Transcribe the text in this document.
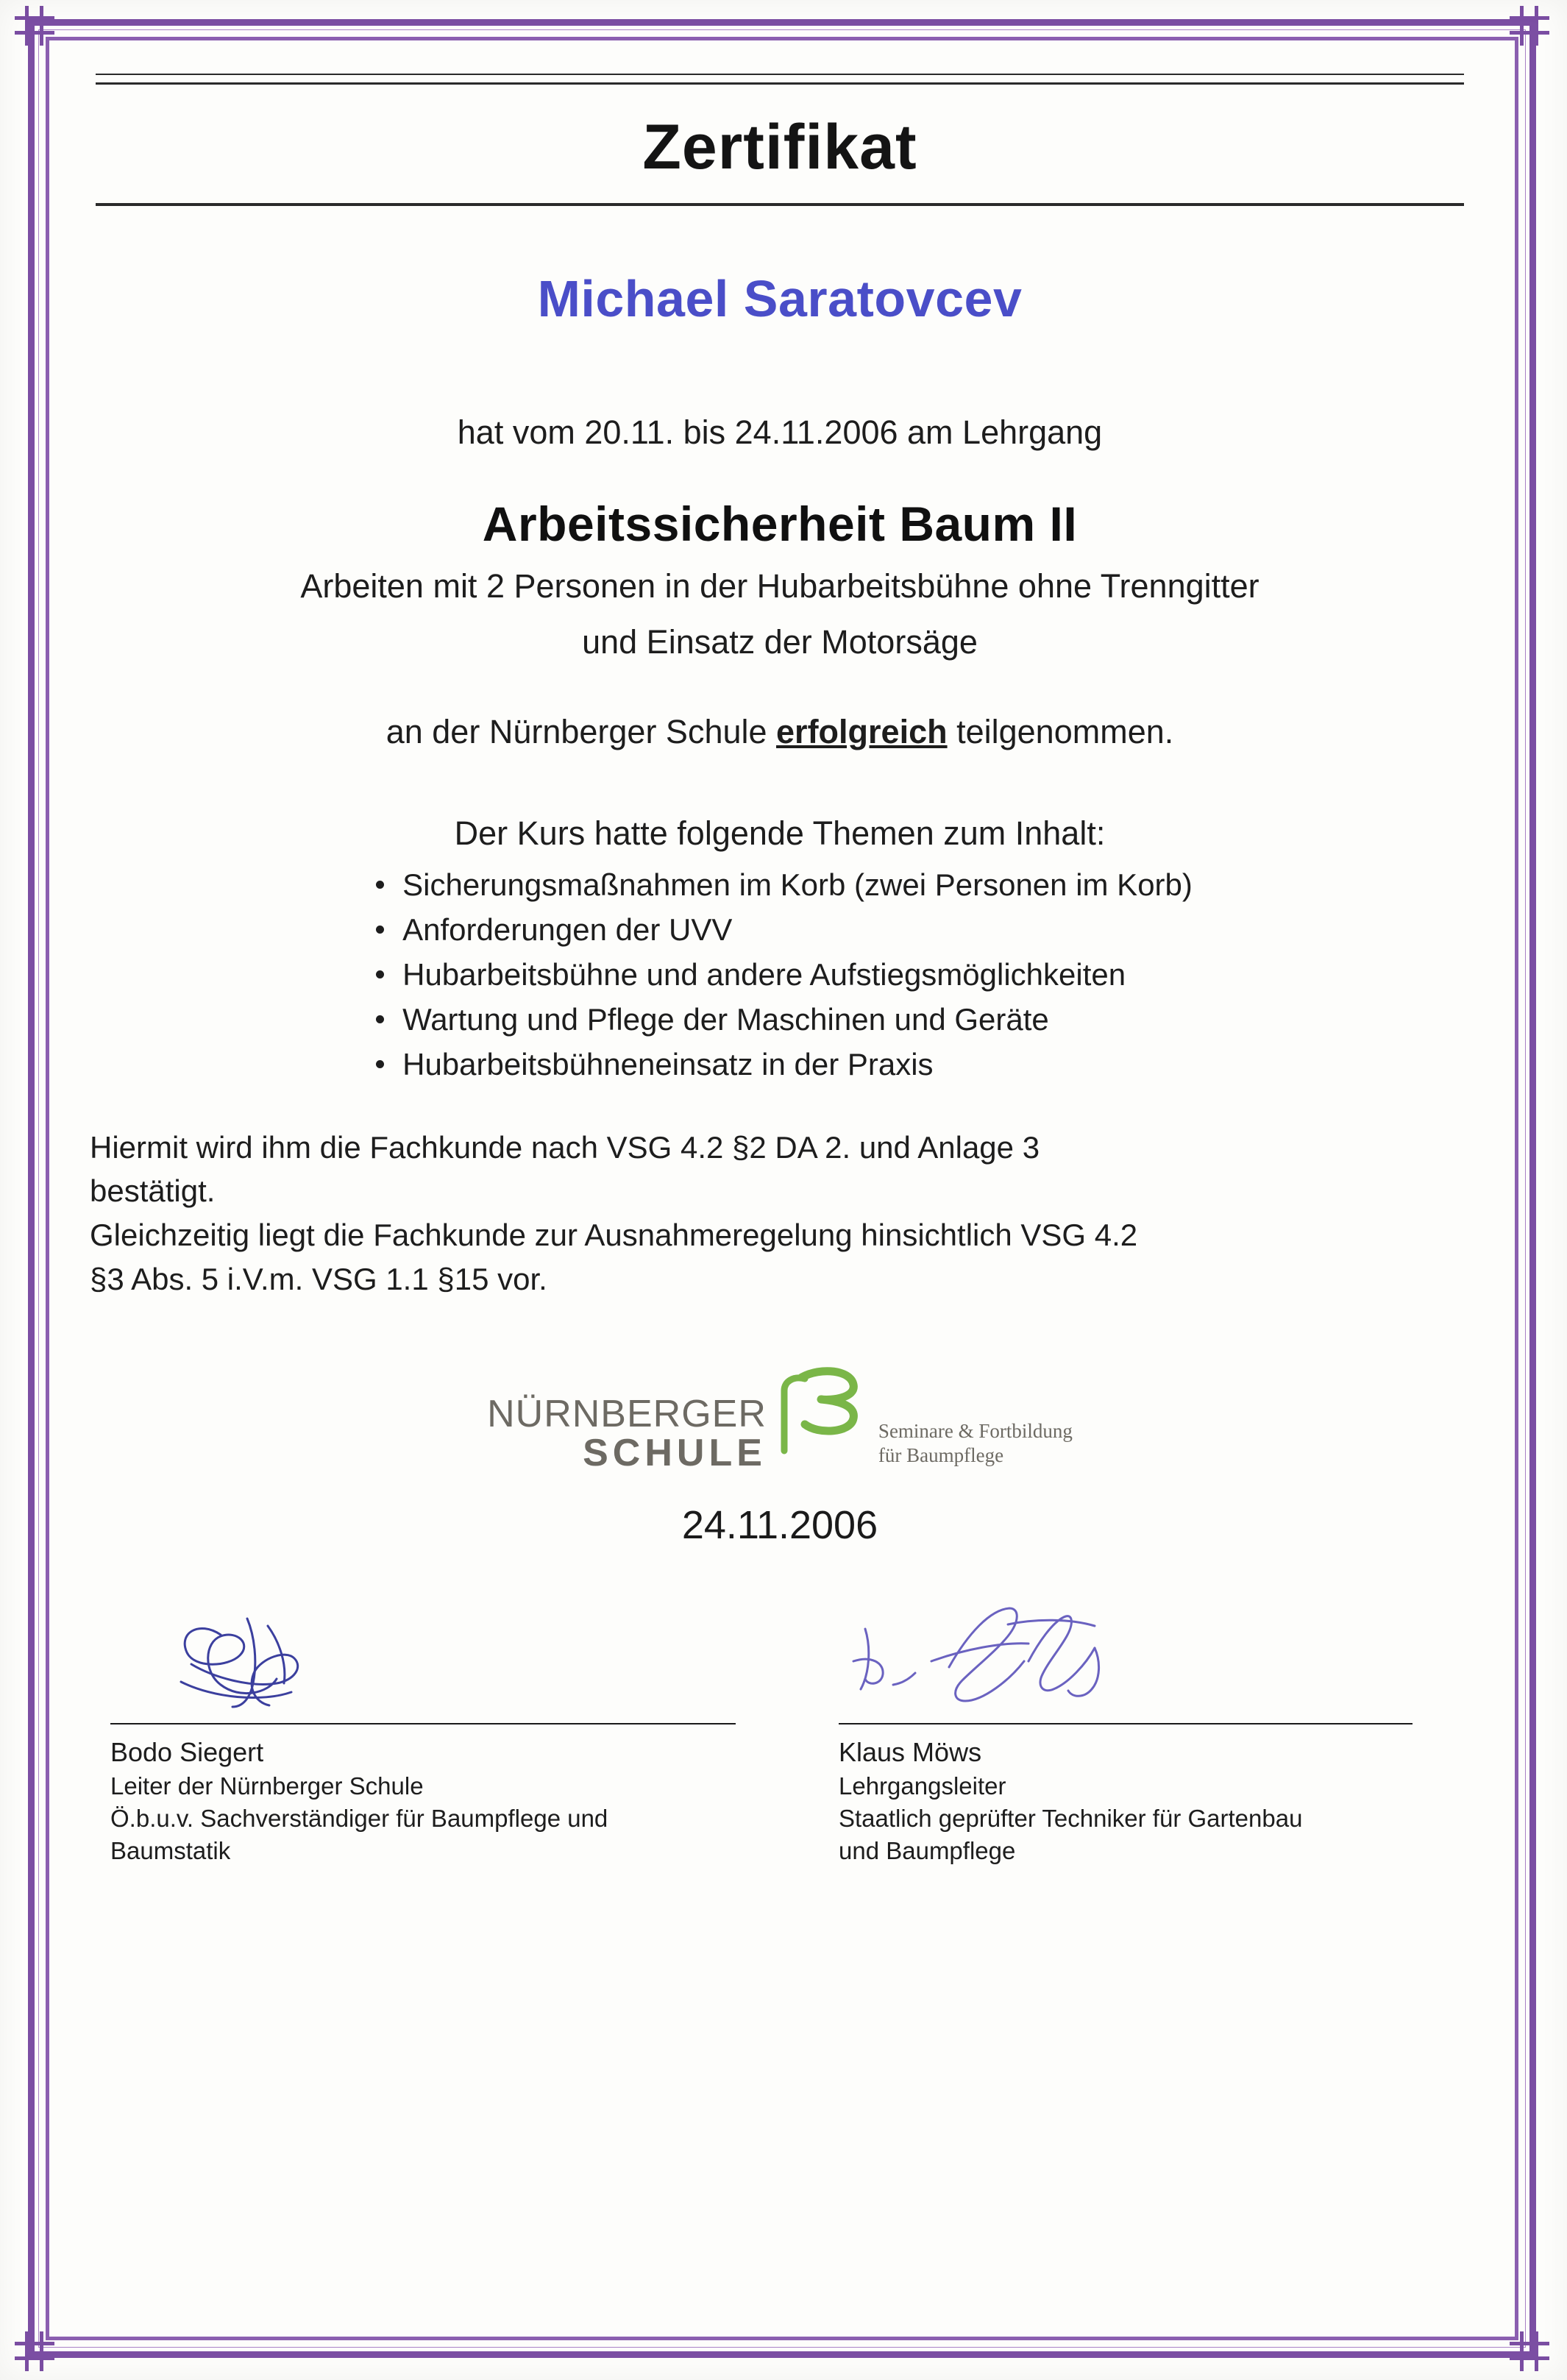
Zertifikat
Michael Saratovcev
hat vom 20.11. bis 24.11.2006 am Lehrgang
Arbeitssicherheit Baum II
Arbeiten mit 2 Personen in der Hubarbeitsbühne ohne Trenngitter
und Einsatz der Motorsäge
an der Nürnberger Schule erfolgreich teilgenommen.
Der Kurs hatte folgende Themen zum Inhalt:
Sicherungsmaßnahmen im Korb (zwei Personen im Korb)
Anforderungen der UVV
Hubarbeitsbühne und andere Aufstiegsmöglichkeiten
Wartung und Pflege der Maschinen und Geräte
Hubarbeitsbühneneinsatz in der Praxis
Hiermit wird ihm die Fachkunde nach VSG 4.2 §2 DA 2. und Anlage 3
bestätigt.
Gleichzeitig liegt die Fachkunde zur Ausnahmeregelung hinsichtlich VSG 4.2
§3 Abs. 5 i.V.m. VSG 1.1 §15 vor.
NÜRNBERGER
SCHULE
Seminare & Fortbildung
für Baumpflege
24.11.2006
Bodo Siegert
Leiter der Nürnberger Schule
Ö.b.u.v. Sachverständiger für Baumpflege und
Baumstatik
Klaus Möws
Lehrgangsleiter
Staatlich geprüfter Techniker für Gartenbau
und Baumpflege
